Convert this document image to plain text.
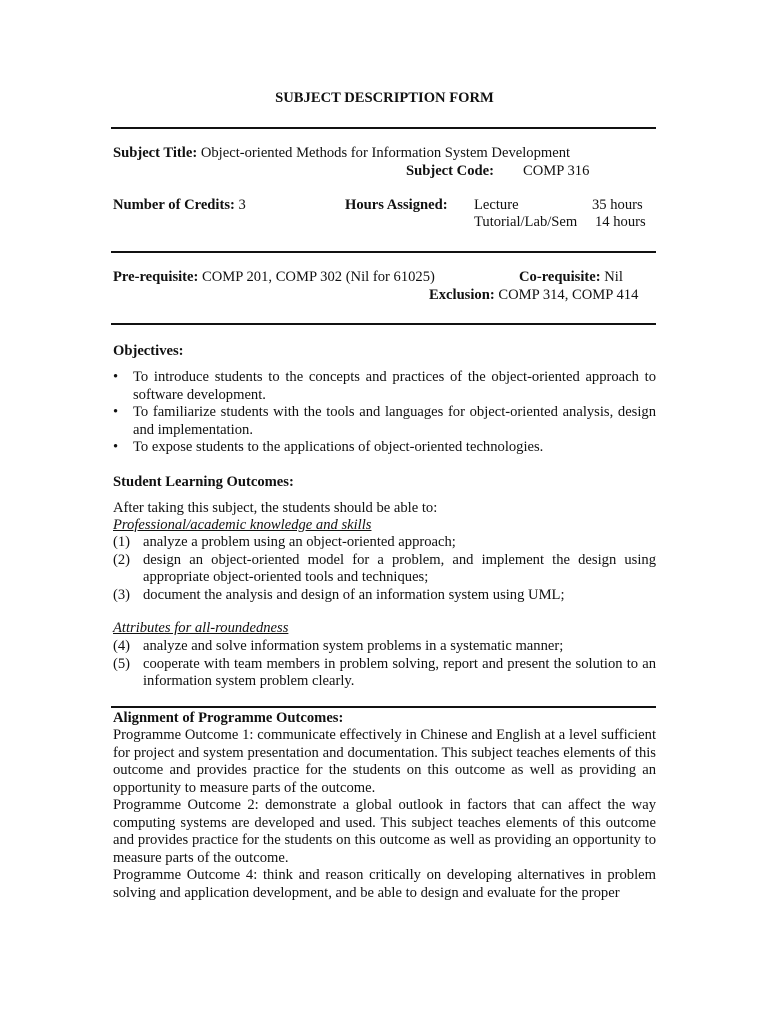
SUBJECT DESCRIPTION FORM
Subject Title: Object-oriented Methods for Information System Development
Subject Code: COMP 316
Number of Credits: 3	Hours Assigned: Lecture	35 hours
Tutorial/Lab/Sem 14 hours
Pre-requisite: COMP 201, COMP 302 (Nil for 61025)	Co-requisite: Nil
Exclusion: COMP 314, COMP 414
Objectives:
• To introduce students to the concepts and practices of the object-oriented approach to software development.
• To familiarize students with the tools and languages for object-oriented analysis, design and implementation.
• To expose students to the applications of object-oriented technologies.
Student Learning Outcomes:
After taking this subject, the students should be able to:
Professional/academic knowledge and skills
(1) analyze a problem using an object-oriented approach;
(2) design an object-oriented model for a problem, and implement the design using appropriate object-oriented tools and techniques;
(3) document the analysis and design of an information system using UML;
Attributes for all-roundedness
(4) analyze and solve information system problems in a systematic manner;
(5) cooperate with team members in problem solving, report and present the solution to an information system problem clearly.
Alignment of Programme Outcomes:

Programme Outcome 1: communicate effectively in Chinese and English at a level sufficient for project and system presentation and documentation. This subject teaches elements of this outcome and provides practice for the students on this outcome as well as providing an opportunity to measure parts of the outcome.

Programme Outcome 2: demonstrate a global outlook in factors that can affect the way computing systems are developed and used. This subject teaches elements of this outcome and provides practice for the students on this outcome as well as providing an opportunity to measure parts of the outcome.

Programme Outcome 4: think and reason critically on developing alternatives in problem solving and application development, and be able to design and evaluate for the proper
